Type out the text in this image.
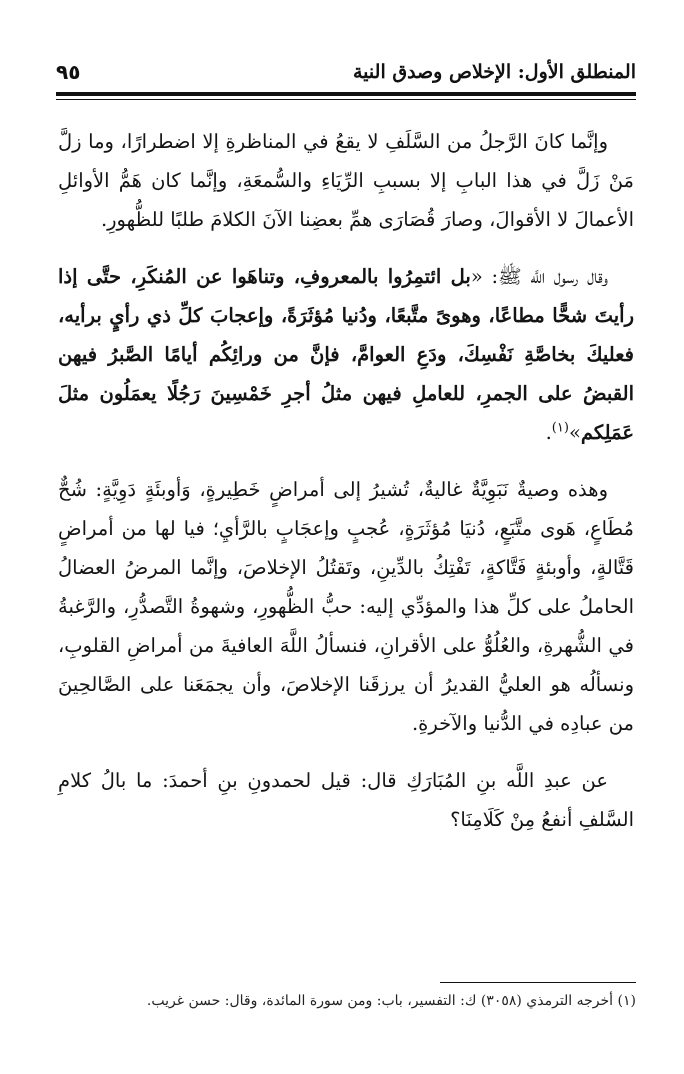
٩٥	المنطلق الأول: الإخلاص وصدق النية

وإنَّما كانَ الرَّجلُ من السَّلَفِ لا يقعُ في المناظرةِ إلا اضطرارًا، وما زلَّ مَنْ زَلَّ في هذا البابِ إلا بسببِ الرِّيَاءِ والسُّمعَةِ، وإنَّما كان هَمُّ الأوائلِ الأعمالَ لا الأقوالَ، وصارَ قُصَارَى همِّ بعضِنا الآنَ الكلامَ طلبًا للظُّهورِ.

وقال رسول اللَّه ﷺ: «بل ائتمِرُوا بالمعروفِ، وتناهَوا عن المُنكَرِ، حتَّى إذا رأيتَ شحًّا مطاعًا، وهوىً متَّبعًا، ودُنيا مُؤثَرَةً، وإعجابَ كلِّ ذي رأيٍ برأيه، فعليكَ بخاصَّةِ نَفْسِكَ، ودَعِ العوامَّ، فإنَّ من ورائِكُم أيامًا الصَّبرُ فيهن القبضُ على الجمرِ، للعاملِ فيهن مثلُ أجرِ خَمْسِينَ رَجُلًا يعمَلُون مثلَ عَمَلِكم»$^{(١)}$.

وهذه وصيةٌ نَبَوِيَّةٌ غاليةٌ، تُشيرُ إلى أمراضٍ خَطِيرةٍ، وَأوبئَةٍ دَوِيَّةٍ: شُحٌّ مُطَاعٍ، هَوى متَّبَعٍ، دُنيَا مُؤثَرَةٍ، عُجبٍ وإعجَابٍ بالرَّأيِ؛ فيا لها من أمراضٍ قَتَّالةٍ، وأوبئةٍ فَتَّاكةٍ، تَفْتِكُ بالدِّينِ، وتَقتُلُ الإخلاصَ، وإنَّما المرضُ العضالُ الحاملُ على كلِّ هذا والمؤدِّي إليه: حبُّ الظُّهورِ، وشهوةُ التَّصدُّرِ، والرَّغبةُ في الشُّهرةِ، والعُلُوُّ على الأقرانِ، فنسألُ اللَّهَ العافيةَ من أمراضِ القلوبِ، ونسألُه هو العليُّ القديرُ أن يرزقَنا الإخلاصَ، وأن يجمَعَنا على الصَّالحِينَ من عبادِه في الدُّنيا والآخرةِ.

عن عبدِ اللَّه بنِ المُبَارَكِ قال: قيل لحمدونِ بنِ أحمدَ: ما بالُ كلامِ السَّلفِ أنفعُ مِنْ كَلَامِنَا؟

(١) أخرجه الترمذي (٣٠٥٨) ك: التفسير، باب: ومن سورة المائدة، وقال: حسن غريب.
